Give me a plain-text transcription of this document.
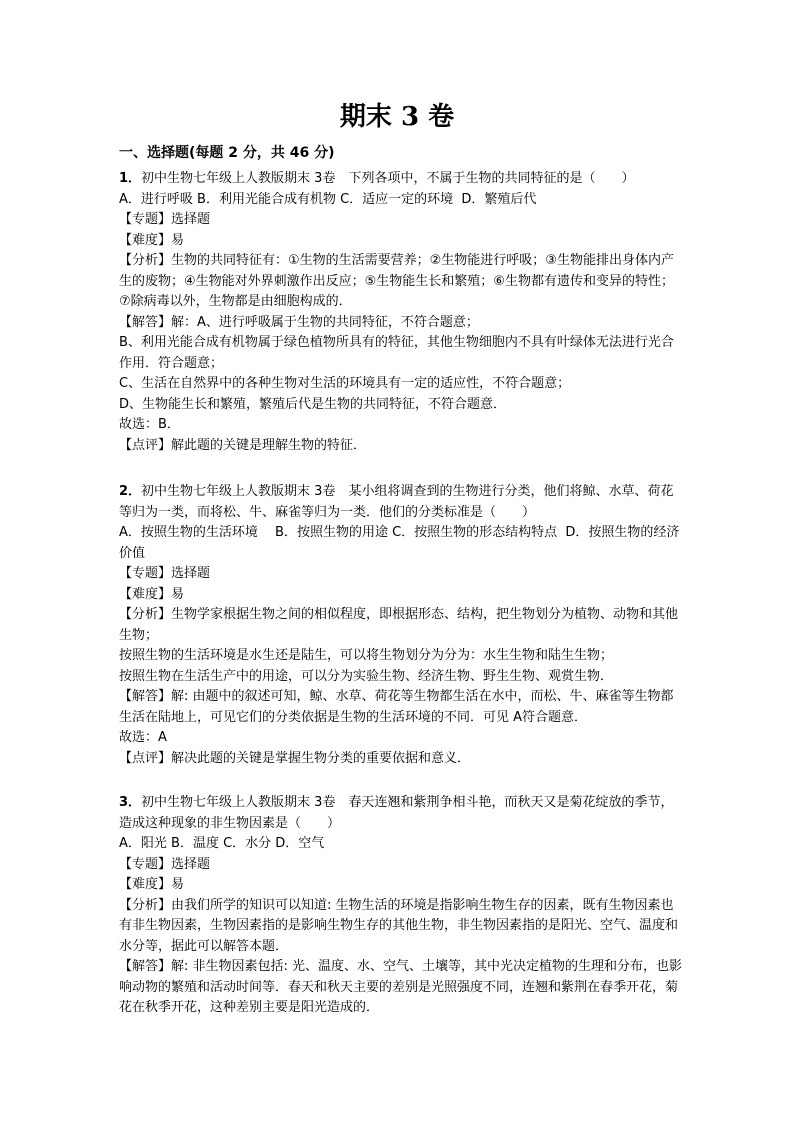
期末 3 卷
一、选择题(每题 2 分，共 46 分)

1．初中生物七年级上人教版期末 3卷　下列各项中，不属于生物的共同特征的是（　　）

A．进行呼吸 B．利用光能合成有机物 C．适应一定的环境  D．繁殖后代

【专题】选择题

【难度】易

【分析】生物的共同特征有：①生物的生活需要营养；②生物能进行呼吸；③生物能排出身体内产生的废物；④生物能对外界刺激作出反应；⑤生物能生长和繁殖；⑥生物都有遗传和变异的特性；⑦除病毒以外，生物都是由细胞构成的．

【解答】解：A、进行呼吸属于生物的共同特征，不符合题意；

B、利用光能合成有机物属于绿色植物所具有的特征，其他生物细胞内不具有叶绿体无法进行光合作用．符合题意；

C、生活在自然界中的各种生物对生活的环境具有一定的适应性，不符合题意；

D、生物能生长和繁殖，繁殖后代是生物的共同特征，不符合题意．

故选：B．

【点评】解此题的关键是理解生物的特征．

2．初中生物七年级上人教版期末 3卷　某小组将调查到的生物进行分类，他们将鲸、水草、荷花等归为一类，而将松、牛、麻雀等归为一类．他们的分类标准是（　　）

A．按照生物的生活环境　 B．按照生物的用途 C．按照生物的形态结构特点  D．按照生物的经济价值

【专题】选择题

【难度】易

【分析】生物学家根据生物之间的相似程度，即根据形态、结构，把生物划分为植物、动物和其他生物；

按照生物的生活环境是水生还是陆生，可以将生物划分为分为：水生生物和陆生生物；

按照生物在生活生产中的用途，可以分为实验生物、经济生物、野生生物、观赏生物．

【解答】解: 由题中的叙述可知，鲸、水草、荷花等生物都生活在水中，而松、牛、麻雀等生物都生活在陆地上，可见它们的分类依据是生物的生活环境的不同．可见 A符合题意．

故选：A

【点评】解决此题的关键是掌握生物分类的重要依据和意义．

3．初中生物七年级上人教版期末 3卷　春天连翘和紫荆争相斗艳，而秋天又是菊花绽放的季节，造成这种现象的非生物因素是（　　）

A．阳光 B．温度 C．水分 D．空气

【专题】选择题

【难度】易

【分析】由我们所学的知识可以知道: 生物生活的环境是指影响生物生存的因素，既有生物因素也有非生物因素，生物因素指的是影响生物生存的其他生物，非生物因素指的是阳光、空气、温度和水分等，据此可以解答本题．

【解答】解: 非生物因素包括: 光、温度、水、空气、土壤等，其中光决定植物的生理和分布，也影响动物的繁殖和活动时间等．春天和秋天主要的差别是光照强度不同，连翘和紫荆在春季开花，菊花在秋季开花，这种差别主要是阳光造成的．
